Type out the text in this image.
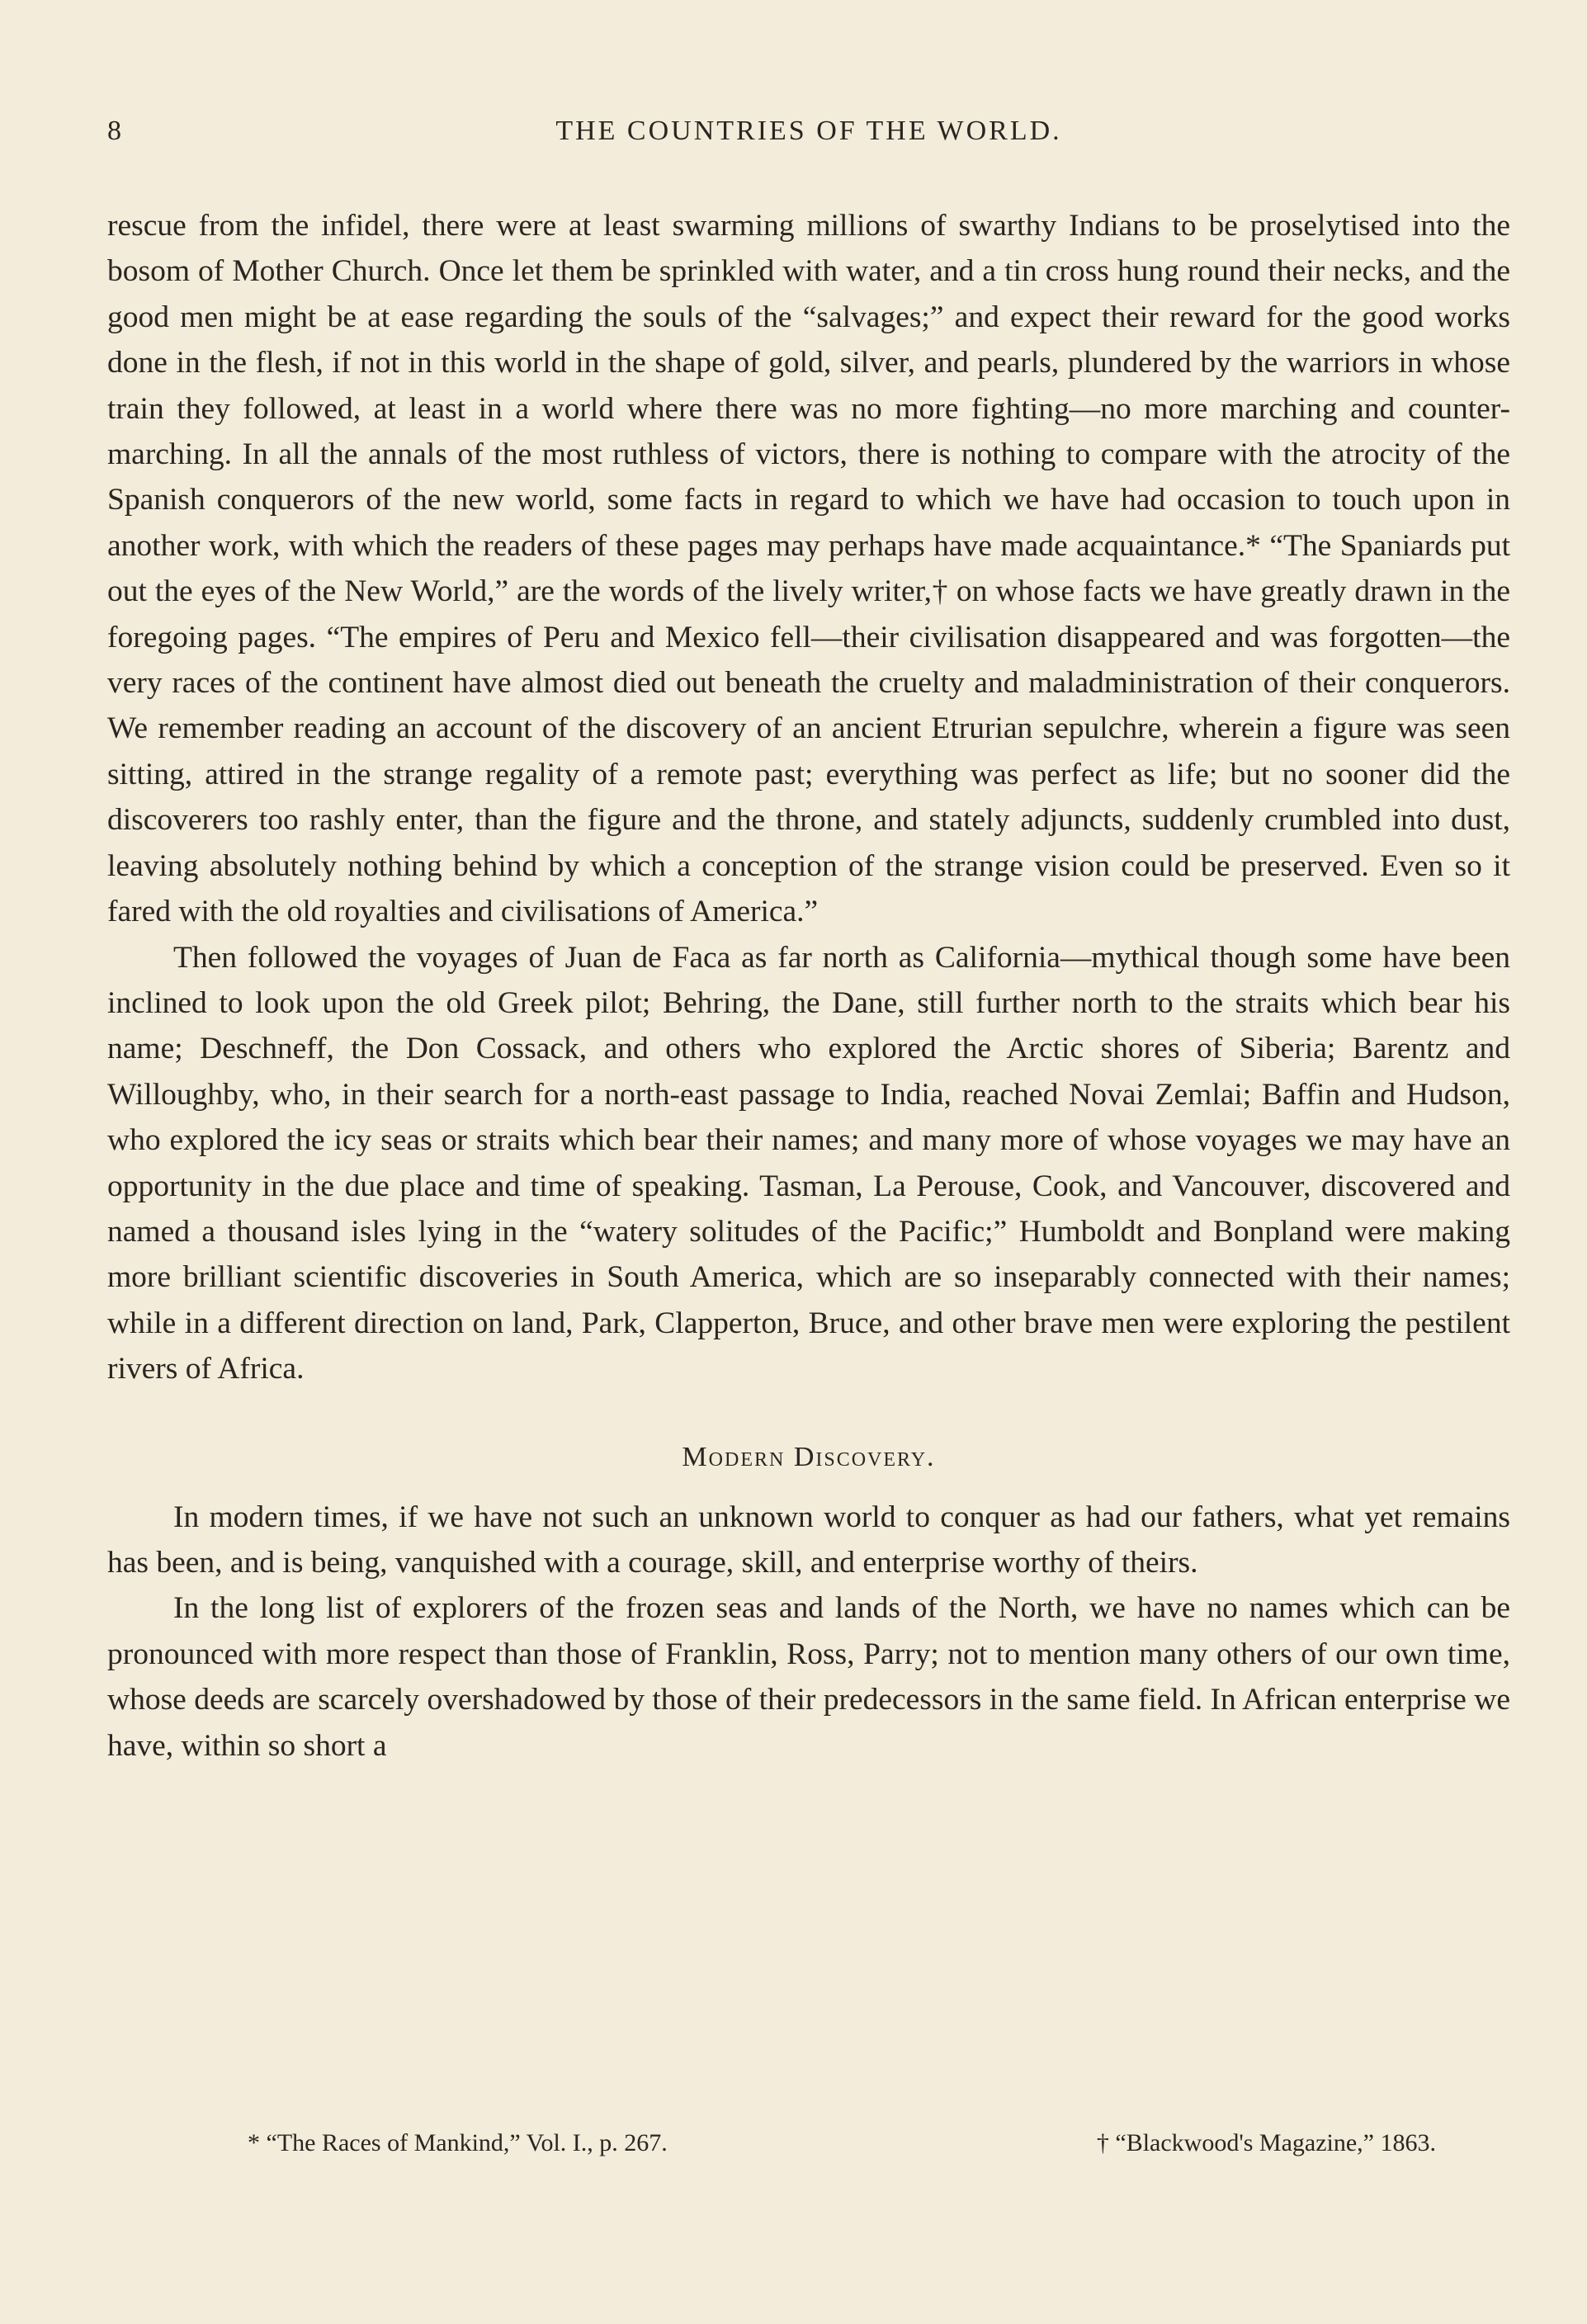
8	THE COUNTRIES OF THE WORLD.

rescue from the infidel, there were at least swarming millions of swarthy Indians to be proselytised into the bosom of Mother Church. Once let them be sprinkled with water, and a tin cross hung round their necks, and the good men might be at ease regarding the souls of the “salvages;” and expect their reward for the good works done in the flesh, if not in this world in the shape of gold, silver, and pearls, plundered by the warriors in whose train they followed, at least in a world where there was no more fighting—no more marching and counter-marching. In all the annals of the most ruthless of victors, there is nothing to compare with the atrocity of the Spanish conquerors of the new world, some facts in regard to which we have had occasion to touch upon in another work, with which the readers of these pages may perhaps have made acquaintance.* “The Spaniards put out the eyes of the New World,” are the words of the lively writer,† on whose facts we have greatly drawn in the foregoing pages. “The empires of Peru and Mexico fell—their civilisation disappeared and was forgotten—the very races of the continent have almost died out beneath the cruelty and maladministration of their conquerors. We remember reading an account of the discovery of an ancient Etrurian sepulchre, wherein a figure was seen sitting, attired in the strange regality of a remote past; everything was perfect as life; but no sooner did the discoverers too rashly enter, than the figure and the throne, and stately adjuncts, suddenly crumbled into dust, leaving absolutely nothing behind by which a conception of the strange vision could be preserved. Even so it fared with the old royalties and civilisations of America.”

Then followed the voyages of Juan de Faca as far north as California—mythical though some have been inclined to look upon the old Greek pilot; Behring, the Dane, still further north to the straits which bear his name; Deschneff, the Don Cossack, and others who explored the Arctic shores of Siberia; Barentz and Willoughby, who, in their search for a north-east passage to India, reached Novai Zemlai; Baffin and Hudson, who explored the icy seas or straits which bear their names; and many more of whose voyages we may have an opportunity in the due place and time of speaking. Tasman, La Perouse, Cook, and Vancouver, discovered and named a thousand isles lying in the “watery solitudes of the Pacific;” Humboldt and Bonpland were making more brilliant scientific discoveries in South America, which are so inseparably connected with their names; while in a different direction on land, Park, Clapperton, Bruce, and other brave men were exploring the pestilent rivers of Africa.

Modern Discovery.

In modern times, if we have not such an unknown world to conquer as had our fathers, what yet remains has been, and is being, vanquished with a courage, skill, and enterprise worthy of theirs.

In the long list of explorers of the frozen seas and lands of the North, we have no names which can be pronounced with more respect than those of Franklin, Ross, Parry; not to mention many others of our own time, whose deeds are scarcely overshadowed by those of their predecessors in the same field. In African enterprise we have, within so short a

* “The Races of Mankind,” Vol. I., p. 267.	† “Blackwood's Magazine,” 1863.
